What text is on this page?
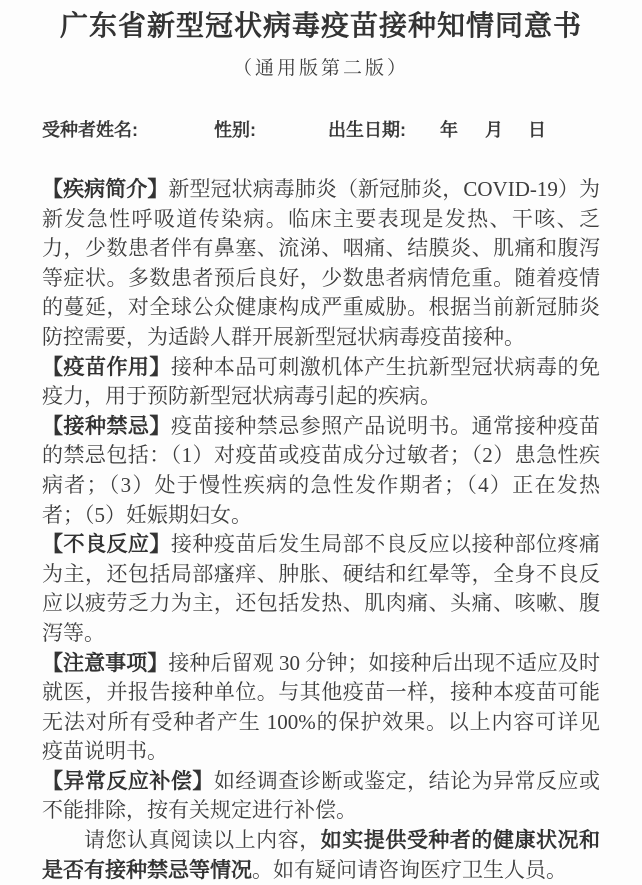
广东省新型冠状病毒疫苗接种知情同意书
（通用版第二版）
受种者姓名:	性别:	出生日期: 年 月 日

【疾病简介】新型冠状病毒肺炎（新冠肺炎，COVID-19）为新发急性呼吸道传染病。临床主要表现是发热、干咳、乏力，少数患者伴有鼻塞、流涕、咽痛、结膜炎、肌痛和腹泻等症状。多数患者预后良好，少数患者病情危重。随着疫情的蔓延，对全球公众健康构成严重威胁。根据当前新冠肺炎防控需要，为适龄人群开展新型冠状病毒疫苗接种。

【疫苗作用】接种本品可刺激机体产生抗新型冠状病毒的免疫力，用于预防新型冠状病毒引起的疾病。

【接种禁忌】疫苗接种禁忌参照产品说明书。通常接种疫苗的禁忌包括：（1）对疫苗或疫苗成分过敏者；（2）患急性疾病者；（3）处于慢性疾病的急性发作期者；（4）正在发热者；（5）妊娠期妇女。

【不良反应】接种疫苗后发生局部不良反应以接种部位疼痛为主，还包括局部瘙痒、肿胀、硬结和红晕等，全身不良反应以疲劳乏力为主，还包括发热、肌肉痛、头痛、咳嗽、腹泻等。

【注意事项】接种后留观 30 分钟；如接种后出现不适应及时就医，并报告接种单位。与其他疫苗一样，接种本疫苗可能无法对所有受种者产生 100%的保护效果。以上内容可详见疫苗说明书。

【异常反应补偿】如经调查诊断或鉴定，结论为异常反应或不能排除，按有关规定进行补偿。

请您认真阅读以上内容，如实提供受种者的健康状况和是否有接种禁忌等情况。如有疑问请咨询医疗卫生人员。
